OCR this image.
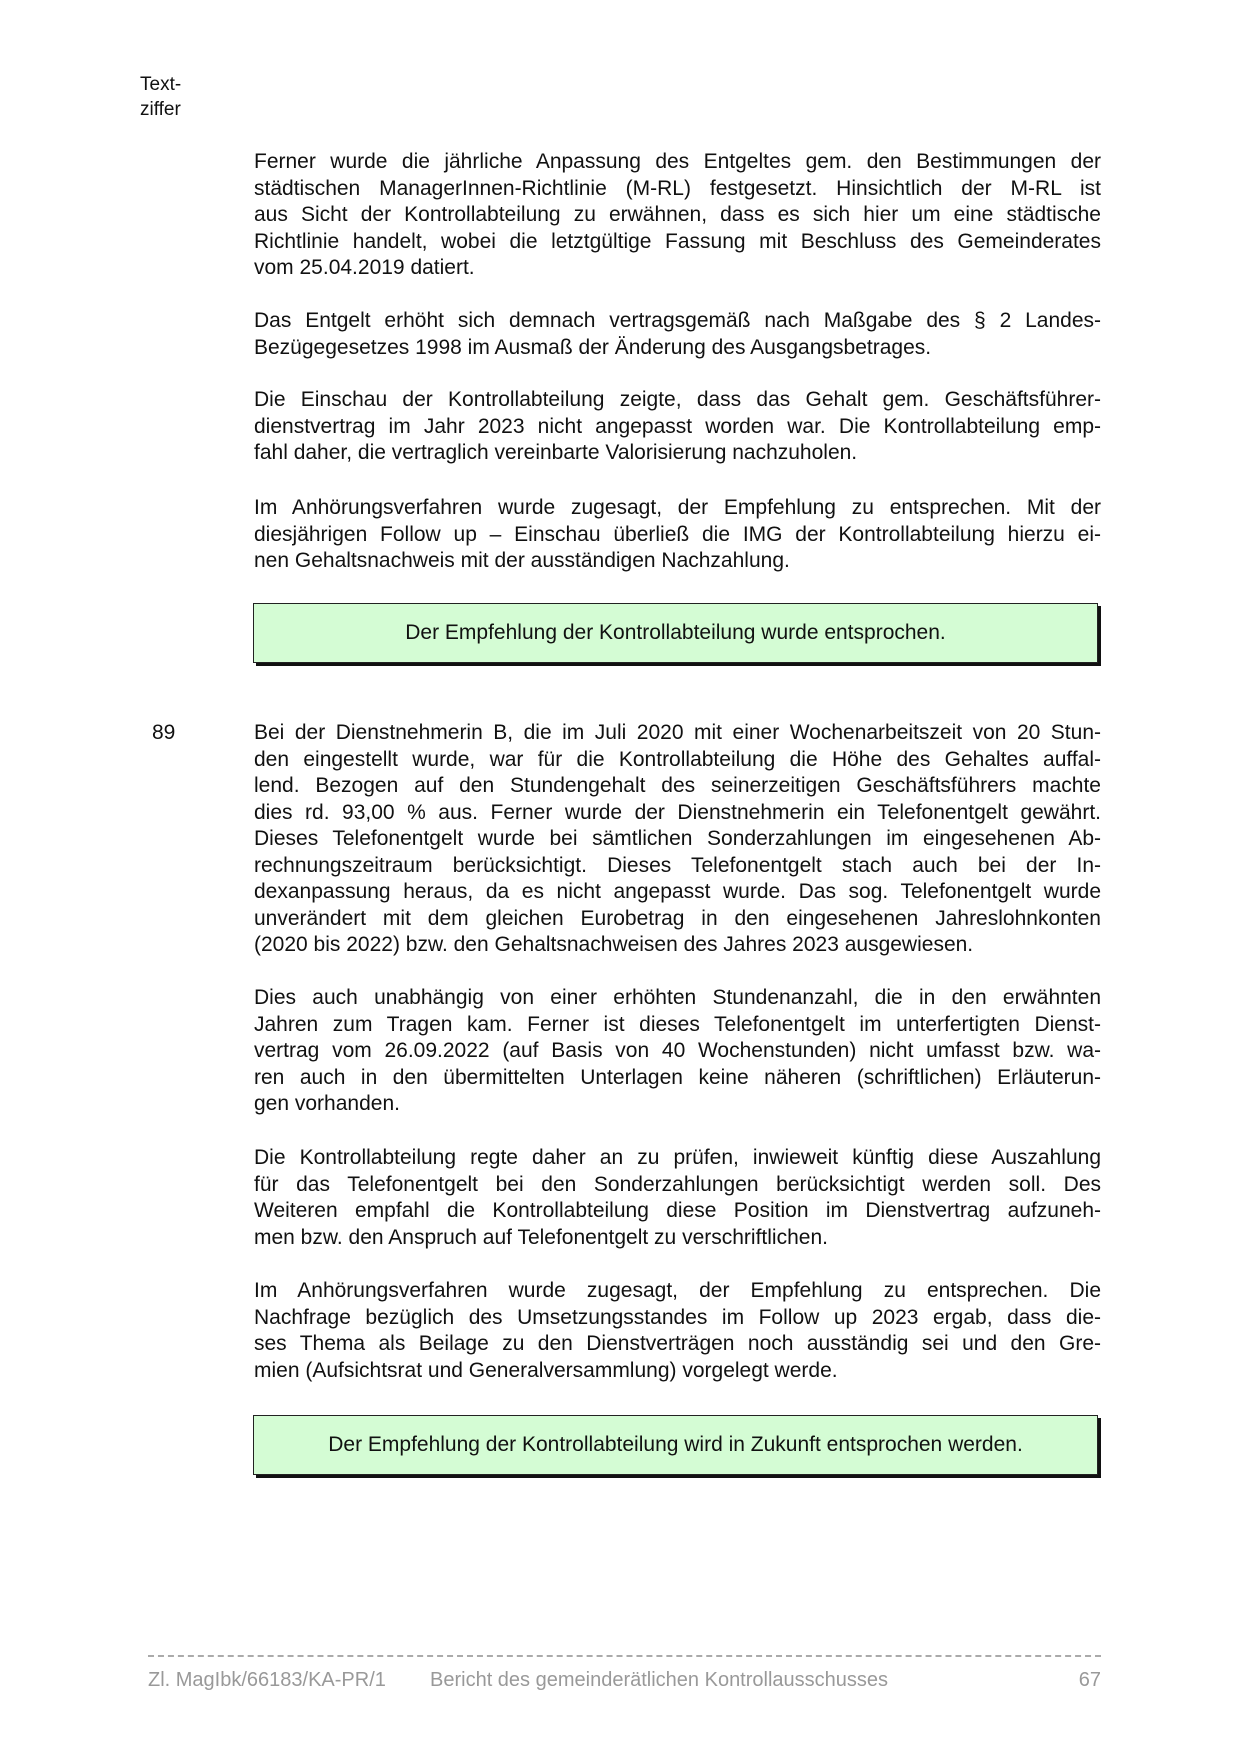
Text-
ziffer
Ferner wurde die jährliche Anpassung des Entgeltes gem. den Bestimmungen der
städtischen ManagerInnen-Richtlinie (M-RL) festgesetzt. Hinsichtlich der M-RL ist
aus Sicht der Kontrollabteilung zu erwähnen, dass es sich hier um eine städtische
Richtlinie handelt, wobei die letztgültige Fassung mit Beschluss des Gemeinderates
vom 25.04.2019 datiert.
Das Entgelt erhöht sich demnach vertragsgemäß nach Maßgabe des § 2 Landes-
Bezügegesetzes 1998 im Ausmaß der Änderung des Ausgangsbetrages.
Die Einschau der Kontrollabteilung zeigte, dass das Gehalt gem. Geschäftsführer-
dienstvertrag im Jahr 2023 nicht angepasst worden war. Die Kontrollabteilung emp-
fahl daher, die vertraglich vereinbarte Valorisierung nachzuholen.
Im Anhörungsverfahren wurde zugesagt, der Empfehlung zu entsprechen. Mit der
diesjährigen Follow up – Einschau überließ die IMG der Kontrollabteilung hierzu ei-
nen Gehaltsnachweis mit der ausständigen Nachzahlung.
Der Empfehlung der Kontrollabteilung wurde entsprochen.
89	Bei der Dienstnehmerin B, die im Juli 2020 mit einer Wochenarbeitszeit von 20 Stun-
den eingestellt wurde, war für die Kontrollabteilung die Höhe des Gehaltes auffal-
lend. Bezogen auf den Stundengehalt des seinerzeitigen Geschäftsführers machte
dies rd. 93,00 % aus. Ferner wurde der Dienstnehmerin ein Telefonentgelt gewährt.
Dieses Telefonentgelt wurde bei sämtlichen Sonderzahlungen im eingesehenen Ab-
rechnungszeitraum berücksichtigt. Dieses Telefonentgelt stach auch bei der In-
dexanpassung heraus, da es nicht angepasst wurde. Das sog. Telefonentgelt wurde
unverändert mit dem gleichen Eurobetrag in den eingesehenen Jahreslohnkonten
(2020 bis 2022) bzw. den Gehaltsnachweisen des Jahres 2023 ausgewiesen.
Dies auch unabhängig von einer erhöhten Stundenanzahl, die in den erwähnten
Jahren zum Tragen kam. Ferner ist dieses Telefonentgelt im unterfertigten Dienst-
vertrag vom 26.09.2022 (auf Basis von 40 Wochenstunden) nicht umfasst bzw. wa-
ren auch in den übermittelten Unterlagen keine näheren (schriftlichen) Erläuterun-
gen vorhanden.
Die Kontrollabteilung regte daher an zu prüfen, inwieweit künftig diese Auszahlung
für das Telefonentgelt bei den Sonderzahlungen berücksichtigt werden soll. Des
Weiteren empfahl die Kontrollabteilung diese Position im Dienstvertrag aufzuneh-
men bzw. den Anspruch auf Telefonentgelt zu verschriftlichen.
Im Anhörungsverfahren wurde zugesagt, der Empfehlung zu entsprechen. Die
Nachfrage bezüglich des Umsetzungsstandes im Follow up 2023 ergab, dass die-
ses Thema als Beilage zu den Dienstverträgen noch ausständig sei und den Gre-
mien (Aufsichtsrat und Generalversammlung) vorgelegt werde.
Der Empfehlung der Kontrollabteilung wird in Zukunft entsprochen werden.
Zl. MagIbk/66183/KA-PR/1 Bericht des gemeinderätlichen Kontrollausschusses	67
